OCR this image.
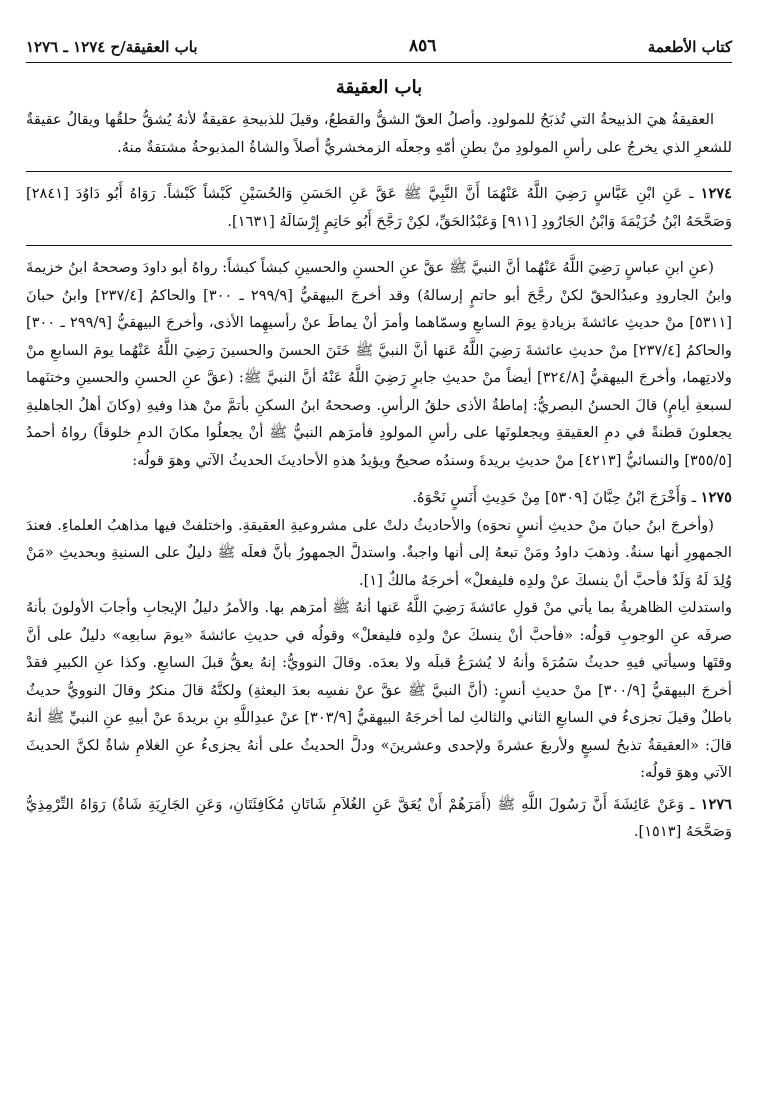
كتاب الأطعمة
٨٥٦
باب العقيقة/ح ١٢٧٤ ـ ١٢٧٦
باب العقيقة

العقيقةُ هيَ الذبيحةُ التي تُذبَحُ للمولودِ. وأصلُ العقّ الشقُّ والقطعُ، وقيلَ للذبيحةِ عقيقةٌ لأنهُ يُشقُّ حلقُها ويقالُ عقيقةٌ للشعرِ الذي يخرجُ على رأسِ المولودِ منْ بطنِ أمّهِ وجعلَه الزمخشريُّ أصلاً والشاةُ المذبوحةُ مشتقةٌ منهُ.

١٢٧٤ ـ عَنِ ابْنِ عَبَّاسٍ رَضِيَ اللَّهُ عَنْهُمَا أَنَّ النَّبِيَّ ﷺ عَقَّ عَنِ الحَسَنِ وَالحُسَيْنِ كَبْشاً كَبْشاً. رَوَاهُ أَبُو دَاوُدَ [٢٨٤١] وَصَحَّحَهُ ابْنُ خُزَيْمَةَ وَابْنُ الجَارُودِ [٩١١] وَعَبْدُالحَقِّ، لكِنْ رَجَّحَ أَبُو حَاتِمٍ إِرْسَالَهُ [١٦٣١].

(عنِ ابنِ عباسٍ رَضِيَ اللَّهُ عَنْهُما أنَّ النبيَّ ﷺ عقَّ عنِ الحسنِ والحسينِ كبشاً كبشاً: رواهُ أبو داودَ وصححهُ ابنُ خزيمةَ وابنُ الجارودِ وعبدُالحقّ لكنْ رجَّحَ أبو حاتمٍ إرسالهُ) وقد أخرجَ البيهقيُّ [٢٩٩/٩ ـ ٣٠٠] والحاكمُ [٢٣٧/٤] وابنُ حبانَ [٥٣١١] منْ حديثِ عائشةَ بزيادةِ يومَ السابعِ وسمّاهما وأمرَ أنْ يماطَ عنْ رأسيهِما الأذى، وأخرجَ البيهقيُّ [٢٩٩/٩ ـ ٣٠٠] والحاكمُ [٢٣٧/٤] منْ حديثِ عائشةَ رَضِيَ اللَّهُ عَنها أنَّ النبيَّ ﷺ خَتَنَ الحسنَ والحسينَ رَضِيَ اللَّهُ عَنْهُما يومَ السابعِ منْ ولادتِهما، وأخرجَ البيهقيُّ [٣٢٤/٨] أيضاً منْ حديثِ جابرٍ رَضِيَ اللَّهُ عَنْهُ أنَّ النبيَّ ﷺ: (عقَّ عنِ الحسنِ والحسينِ وختنَهما لسبعةِ أيامٍ) قالَ الحسنُ البصريُّ: إماطةُ الأذى حلقُ الرأسِ. وصححهُ ابنُ السكنِ بأتمَّ منْ هذا وفيهِ (وكانَ أهلُ الجاهليةِ يجعلونَ قطنةً في دمِ العقيقةِ ويجعلونَها على رأسِ المولودِ فأمرَهم النبيُّ ﷺ أنْ يجعلُوا مكانَ الدمِ خلوقاً) رواهُ أحمدُ [٣٥٥/٥] والنسائيُّ [٤٢١٣] منْ حديثِ بريدةَ وسندُه صحيحٌ ويؤيدُ هذهِ الأحاديثَ الحديثُ الآتي وهوَ قولُه:

١٢٧٥ ـ وَأَخْرَجَ ابْنُ حِبَّانَ [٥٣٠٩] مِنْ حَدِيثِ أَنَسٍ نَحْوَهُ.

(وأخرجَ ابنُ حبانَ منْ حديثِ أنسٍ نحوَه) والأحاديثُ دلتْ على مشروعيةِ العقيقةِ. واختلفتْ فيها مذاهبُ العلماءِ. فعندَ الجمهورِ أنها سنةٌ. وذهبَ داودُ ومَنْ تبعهُ إلى أنها واجبةٌ. واستدلَّ الجمهورُ بأنَّ فعلَه ﷺ دليلٌ على السنيةِ وبحديثِ «مَنْ وُلِدَ لَهُ وَلَدٌ فأحبَّ أنْ ينسكَ عنْ ولدِه فليفعلْ» أخرجَهُ مالكٌ [١].

واستدلتِ الظاهريةُ بما يأتي منْ قولِ عائشةَ رَضِيَ اللَّهُ عَنها أنهُ ﷺ أمرَهم بها. والأمرُ دليلُ الإيجابِ وأجابَ الأولونَ بأنهُ صرفَه عنِ الوجوبِ قولُه: «فأحبَّ أنْ ينسكَ عنْ ولدِه فليفعلْ» وقولُه في حديثِ عائشةَ «يومَ سابعِه» دليلٌ على أنَّ وقتَها وسيأتي فيهِ حديثُ سَمُرَةَ وأنهُ لا يُشرَعُ قبلَه ولا بعدَه. وقالَ النوويُّ: إنهُ يعقُّ قبلَ السابعِ. وكذا عنِ الكبيرِ فقدْ أخرجَ البيهقيُّ [٣٠٠/٩] منْ حديثِ أنسٍ: (أنَّ النبيَّ ﷺ عقَّ عنْ نفسِه بعدَ البعثةِ) ولكنَّهُ قالَ منكرٌ وقالَ النوويُّ حديثٌ باطلٌ وقيلَ تجزىءُ في السابعِ الثاني والثالثِ لما أخرجَهُ البيهقيُّ [٣٠٣/٩] عنْ عبدِاللَّهِ بنِ بريدةَ عنْ أبيهِ عنِ النبيِّ ﷺ أنهُ قالَ: «العقيقةُ تذبحُ لسبعٍ ولأربعَ عشرةَ ولإحدى وعشرينَ» ودلَّ الحديثُ على أنهُ يجزىءُ عنِ الغلامِ شاةٌ لكنَّ الحديثَ الآتي وهوَ قولُه:

١٢٧٦ ـ وَعَنْ عَائِشَةَ أَنَّ رَسُولَ اللَّهِ ﷺ (أَمَرَهُمْ أَنْ يُعَقَّ عَنِ الغُلاَمِ شَاتَانِ مُكَافِئَتَانِ، وَعَنِ الجَارِيَةِ شَاةٌ) رَوَاهُ التِّرْمِذِيُّ وَصَحَّحَهُ [١٥١٣].
